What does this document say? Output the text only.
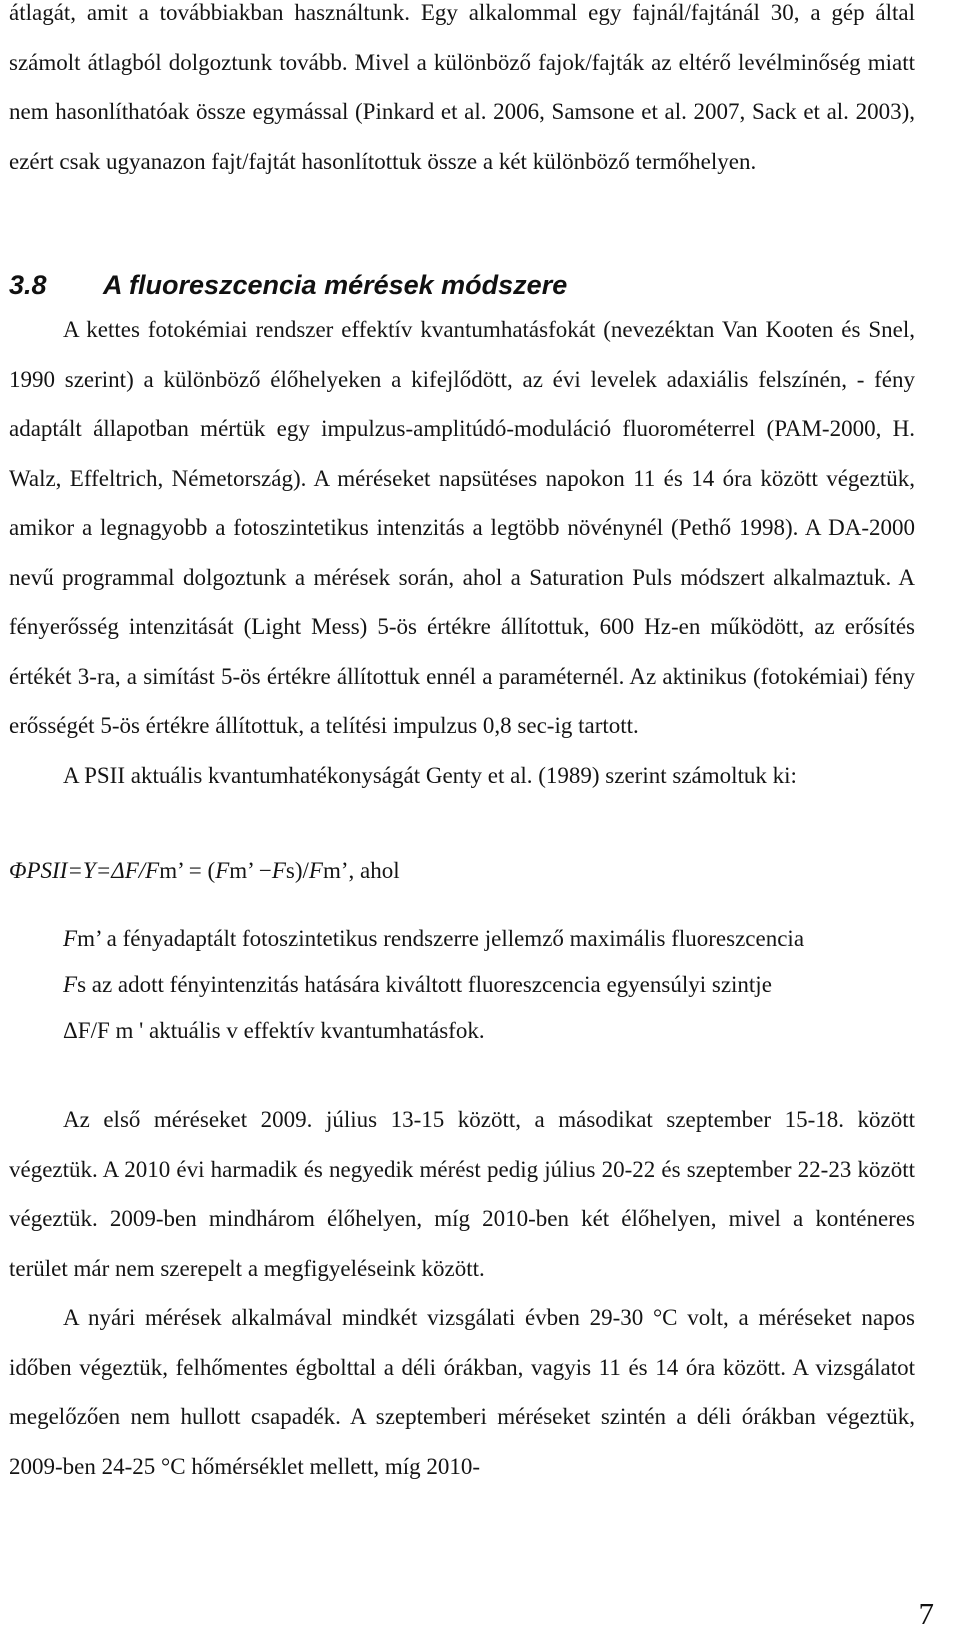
átlagát, amit a továbbiakban használtunk. Egy alkalommal egy fajnál/fajtánál 30, a gép által számolt átlagból dolgoztunk tovább. Mivel a különböző fajok/fajták az eltérő levélminőség miatt nem hasonlíthatóak össze egymással (Pinkard et al. 2006, Samsone et al. 2007, Sack et al. 2003), ezért csak ugyanazon fajt/fajtát hasonlítottuk össze a két különböző termőhelyen.

3.8 A fluoreszcencia mérések módszere

A kettes fotokémiai rendszer effektív kvantumhatásfokát (nevezéktan Van Kooten és Snel, 1990 szerint) a különböző élőhelyeken a kifejlődött, az évi levelek adaxiális felszínén, - fény adaptált állapotban mértük egy impulzus-amplitúdó-moduláció fluorométerrel (PAM-2000, H. Walz, Effeltrich, Németország). A méréseket napsütéses napokon 11 és 14 óra között végeztük, amikor a legnagyobb a fotoszintetikus intenzitás a legtöbb növénynél (Pethő 1998). A DA-2000 nevű programmal dolgoztunk a mérések során, ahol a Saturation Puls módszert alkalmaztuk. A fényerősség intenzitását (Light Mess) 5-ös értékre állítottuk, 600 Hz-en működött, az erősítés értékét 3-ra, a simítást 5-ös értékre állítottuk ennél a paraméternél. Az aktinikus (fotokémiai) fény erősségét 5-ös értékre állítottuk, a telítési impulzus 0,8 sec-ig tartott.

A PSII aktuális kvantumhatékonyságát Genty et al. (1989) szerint számoltuk ki:

ΦPSII=Y=ΔF/Fm’ = (Fm’ −Fs)/Fm’, ahol

Fm’ a fényadaptált fotoszintetikus rendszerre jellemző maximális fluoreszcencia

Fs az adott fényintenzitás hatására kiváltott fluoreszcencia egyensúlyi szintje

ΔF/F m ' aktuális v effektív kvantumhatásfok.

Az első méréseket 2009. július 13-15 között, a másodikat szeptember 15-18. között végeztük. A 2010 évi harmadik és negyedik mérést pedig július 20-22 és szeptember 22-23 között végeztük. 2009-ben mindhárom élőhelyen, míg 2010-ben két élőhelyen, mivel a konténeres terület már nem szerepelt a megfigyeléseink között.

A nyári mérések alkalmával mindkét vizsgálati évben 29-30 °C volt, a méréseket napos időben végeztük, felhőmentes égbolttal a déli órákban, vagyis 11 és 14 óra között. A vizsgálatot megelőzően nem hullott csapadék. A szeptemberi méréseket szintén a déli órákban végeztük, 2009-ben 24-25 °C hőmérséklet mellett, míg 2010-

7
